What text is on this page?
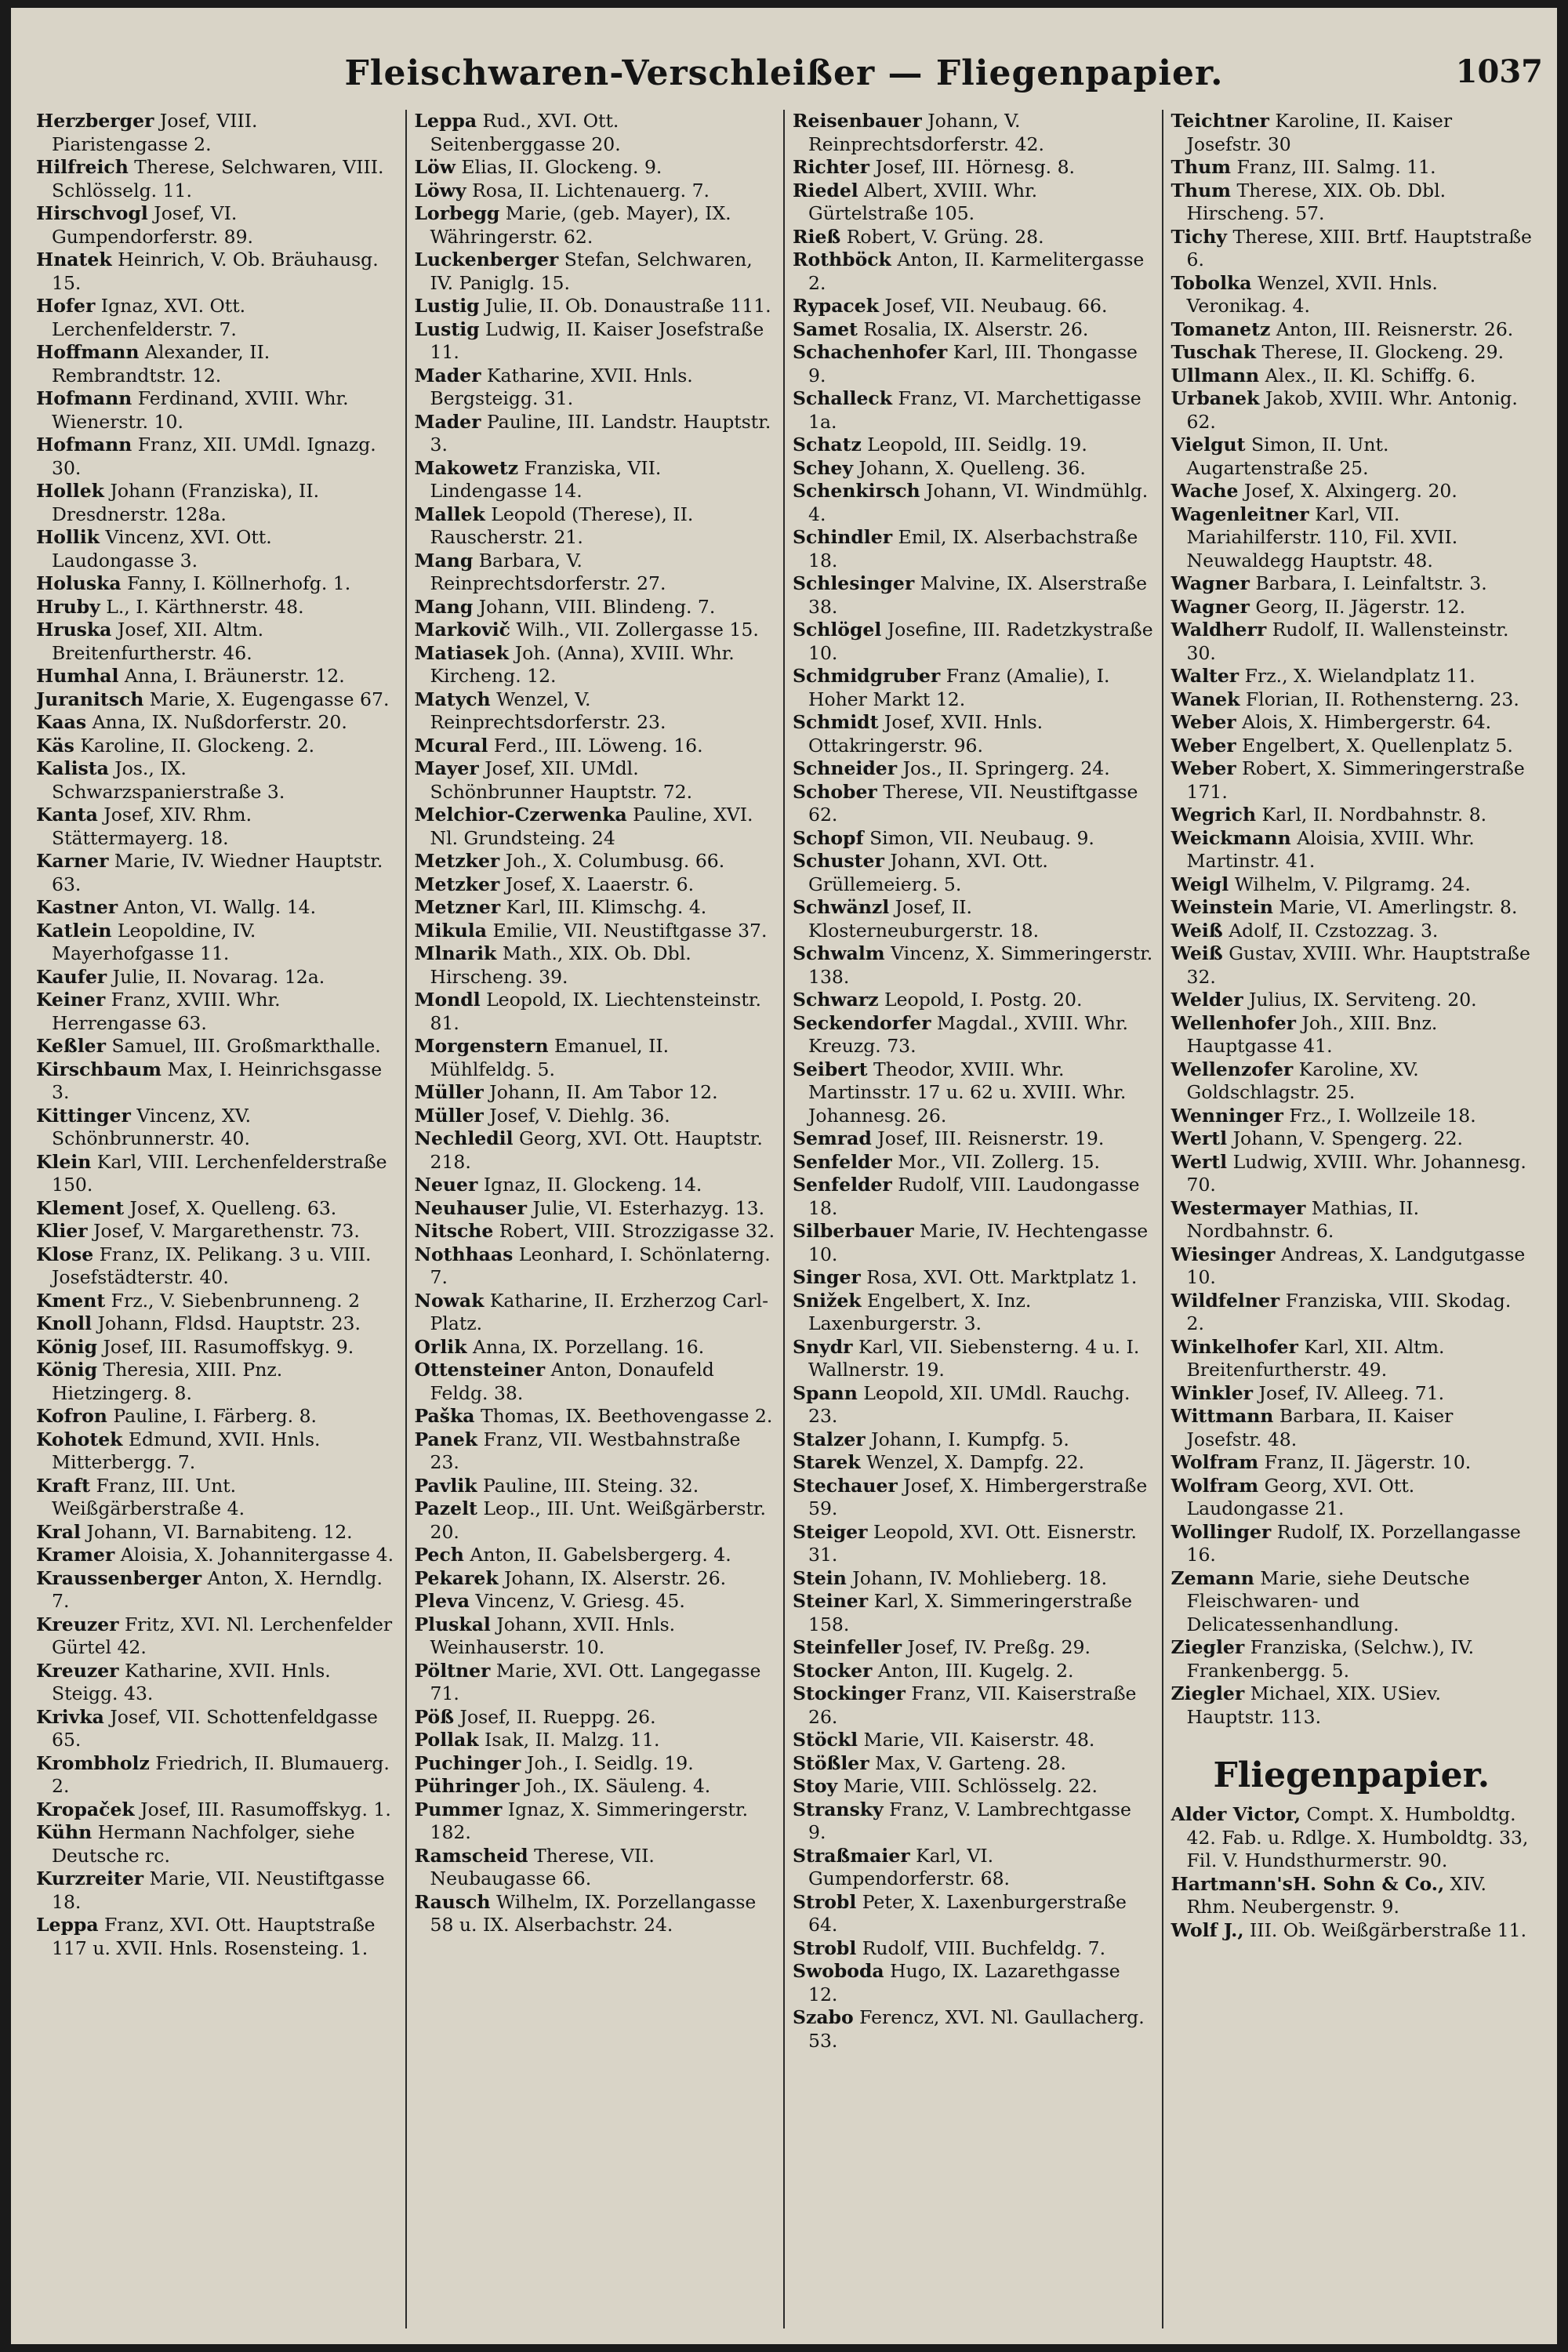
Fleischwaren-Verschleißer — Fliegenpapier.	1037
Herzberger Josef, VIII. Piaristengasse 2.
Hilfreich Therese, Selchwaren, VIII. Schlösselg. 11.
Hirschvogl Josef, VI. Gumpendorferstr. 89.
Hnatek Heinrich, V. Ob. Bräuhausg. 15.
Hofer Ignaz, XVI. Ott. Lerchenfelderstr. 7.
Hoffmann Alexander, II. Rembrandtstr. 12.
Hofmann Ferdinand, XVIII. Whr. Wienerstr. 10.
Hofmann Franz, XII. UMdl. Ignazg. 30.
Hollek Johann (Franziska), II. Dresdnerstr. 128a.
Hollik Vincenz, XVI. Ott. Laudongasse 3.
Holuska Fanny, I. Köllnerhofg. 1.
Hruby L., I. Kärthnerstr. 48.
Hruska Josef, XII. Altm. Breitenfurtherstr. 46.
Humhal Anna, I. Bräunerstr. 12.
Juranitsch Marie, X. Eugengasse 67.
Kaas Anna, IX. Nußdorferstr. 20.
Käs Karoline, II. Glockeng. 2.
Kalista Jos., IX. Schwarzspanierstraße 3.
Kanta Josef, XIV. Rhm. Stättermayerg. 18.
Karner Marie, IV. Wiedner Hauptstr. 63.
Kastner Anton, VI. Wallg. 14.
Katlein Leopoldine, IV. Mayerhofgasse 11.
Kaufer Julie, II. Novarag. 12a.
Keiner Franz, XVIII. Whr. Herrengasse 63.
Keßler Samuel, III. Großmarkthalle.
Kirschbaum Max, I. Heinrichsgasse 3.
Kittinger Vincenz, XV. Schönbrunnerstr. 40.
Klein Karl, VIII. Lerchenfelderstraße 150.
Klement Josef, X. Quelleng. 63.
Klier Josef, V. Margarethenstr. 73.
Klose Franz, IX. Pelikang. 3 u. VIII. Josefstädterstr. 40.
Kment Frz., V. Siebenbrunneng. 2
Knoll Johann, Fldsd. Hauptstr. 23.
König Josef, III. Rasumoffskyg. 9.
König Theresia, XIII. Pnz. Hietzingerg. 8.
Kofron Pauline, I. Färberg. 8.
Kohotek Edmund, XVII. Hnls. Mitterbergg. 7.
Kraft Franz, III. Unt. Weißgärberstraße 4.
Kral Johann, VI. Barnabiteng. 12.
Kramer Aloisia, X. Johannitergasse 4.
Kraussenberger Anton, X. Herndlg. 7.
Kreuzer Fritz, XVI. Nl. Lerchenfelder Gürtel 42.
Kreuzer Katharine, XVII. Hnls. Steigg. 43.
Krivka Josef, VII. Schottenfeldgasse 65.
Krombholz Friedrich, II. Blumauerg. 2.
Kropaček Josef, III. Rasumoffskyg. 1.
Kühn Hermann Nachfolger, siehe Deutsche rc.
Kurzreiter Marie, VII. Neustiftgasse 18.
Leppa Franz, XVI. Ott. Hauptstraße 117 u. XVII. Hnls. Rosensteing. 1.
Leppa Rud., XVI. Ott. Seitenberggasse 20.
Löw Elias, II. Glockeng. 9.
Löwy Rosa, II. Lichtenauerg. 7.
Lorbegg Marie, (geb. Mayer), IX. Währingerstr. 62.
Luckenberger Stefan, Selchwaren, IV. Paniglg. 15.
Lustig Julie, II. Ob. Donaustraße 111.
Lustig Ludwig, II. Kaiser Josefstraße 11.
Mader Katharine, XVII. Hnls. Bergsteigg. 31.
Mader Pauline, III. Landstr. Hauptstr. 3.
Makowetz Franziska, VII. Lindengasse 14.
Mallek Leopold (Therese), II. Rauscherstr. 21.
Mang Barbara, V. Reinprechtsdorferstr. 27.
Mang Johann, VIII. Blindeng. 7.
Markovič Wilh., VII. Zollergasse 15.
Matiasek Joh. (Anna), XVIII. Whr. Kircheng. 12.
Matych Wenzel, V. Reinprechtsdorferstr. 23.
Mcural Ferd., III. Löweng. 16.
Mayer Josef, XII. UMdl. Schönbrunner Hauptstr. 72.
Melchior-Czerwenka Pauline, XVI. Nl. Grundsteing. 24
Metzker Joh., X. Columbusg. 66.
Metzker Josef, X. Laaerstr. 6.
Metzner Karl, III. Klimschg. 4.
Mikula Emilie, VII. Neustiftgasse 37.
Mlnarik Math., XIX. Ob. Dbl. Hirscheng. 39.
Mondl Leopold, IX. Liechtensteinstr. 81.
Morgenstern Emanuel, II. Mühlfeldg. 5.
Müller Johann, II. Am Tabor 12.
Müller Josef, V. Diehlg. 36.
Nechledil Georg, XVI. Ott. Hauptstr. 218.
Neuer Ignaz, II. Glockeng. 14.
Neuhauser Julie, VI. Esterhazyg. 13.
Nitsche Robert, VIII. Strozzigasse 32.
Nothhaas Leonhard, I. Schönlaterng. 7.
Nowak Katharine, II. Erzherzog Carl-Platz.
Orlik Anna, IX. Porzellang. 16.
Ottensteiner Anton, Donaufeld Feldg. 38.
Paška Thomas, IX. Beethovengasse 2.
Panek Franz, VII. Westbahnstraße 23.
Pavlik Pauline, III. Steing. 32.
Pazelt Leop., III. Unt. Weißgärberstr. 20.
Pech Anton, II. Gabelsbergerg. 4.
Pekarek Johann, IX. Alserstr. 26.
Pleva Vincenz, V. Griesg. 45.
Pluskal Johann, XVII. Hnls. Weinhauserstr. 10.
Pöltner Marie, XVI. Ott. Langegasse 71.
Pöß Josef, II. Rueppg. 26.
Pollak Isak, II. Malzg. 11.
Puchinger Joh., I. Seidlg. 19.
Pühringer Joh., IX. Säuleng. 4.
Pummer Ignaz, X. Simmeringerstr. 182.
Ramscheid Therese, VII. Neubaugasse 66.
Rausch Wilhelm, IX. Porzellangasse 58 u. IX. Alserbachstr. 24.
Reisenbauer Johann, V. Reinprechtsdorferstr. 42.
Richter Josef, III. Hörnesg. 8.
Riedel Albert, XVIII. Whr. Gürtelstraße 105.
Rieß Robert, V. Grüng. 28.
Rothböck Anton, II. Karmelitergasse 2.
Rypacek Josef, VII. Neubaug. 66.
Samet Rosalia, IX. Alserstr. 26.
Schachenhofer Karl, III. Thongasse 9.
Schalleck Franz, VI. Marchettigasse 1a.
Schatz Leopold, III. Seidlg. 19.
Schey Johann, X. Quelleng. 36.
Schenkirsch Johann, VI. Windmühlg. 4.
Schindler Emil, IX. Alserbachstraße 18.
Schlesinger Malvine, IX. Alserstraße 38.
Schlögel Josefine, III. Radetzkystraße 10.
Schmidgruber Franz (Amalie), I. Hoher Markt 12.
Schmidt Josef, XVII. Hnls. Ottakringerstr. 96.
Schneider Jos., II. Springerg. 24.
Schober Therese, VII. Neustiftgasse 62.
Schopf Simon, VII. Neubaug. 9.
Schuster Johann, XVI. Ott. Grüllemeierg. 5.
Schwänzl Josef, II. Klosterneuburgerstr. 18.
Schwalm Vincenz, X. Simmeringerstr. 138.
Schwarz Leopold, I. Postg. 20.
Seckendorfer Magdal., XVIII. Whr. Kreuzg. 73.
Seibert Theodor, XVIII. Whr. Martinsstr. 17 u. 62 u. XVIII. Whr. Johannesg. 26.
Semrad Josef, III. Reisnerstr. 19.
Senfelder Mor., VII. Zollerg. 15.
Senfelder Rudolf, VIII. Laudongasse 18.
Silberbauer Marie, IV. Hechtengasse 10.
Singer Rosa, XVI. Ott. Marktplatz 1.
Snižek Engelbert, X. Inz. Laxenburgerstr. 3.
Snydr Karl, VII. Siebensterng. 4 u. I. Wallnerstr. 19.
Spann Leopold, XII. UMdl. Rauchg. 23.
Stalzer Johann, I. Kumpfg. 5.
Starek Wenzel, X. Dampfg. 22.
Stechauer Josef, X. Himbergerstraße 59.
Steiger Leopold, XVI. Ott. Eisnerstr. 31.
Stein Johann, IV. Mohlieberg. 18.
Steiner Karl, X. Simmeringerstraße 158.
Steinfeller Josef, IV. Preßg. 29.
Stocker Anton, III. Kugelg. 2.
Stockinger Franz, VII. Kaiserstraße 26.
Stöckl Marie, VII. Kaiserstr. 48.
Stößler Max, V. Garteng. 28.
Stoy Marie, VIII. Schlösselg. 22.
Stransky Franz, V. Lambrechtgasse 9.
Straßmaier Karl, VI. Gumpendorferstr. 68.
Strobl Peter, X. Laxenburgerstraße 64.
Strobl Rudolf, VIII. Buchfeldg. 7.
Swoboda Hugo, IX. Lazarethgasse 12.
Szabo Ferencz, XVI. Nl. Gaullacherg. 53.
Teichtner Karoline, II. Kaiser Josefstr. 30
Thum Franz, III. Salmg. 11.
Thum Therese, XIX. Ob. Dbl. Hirscheng. 57.
Tichy Therese, XIII. Brtf. Hauptstraße 6.
Tobolka Wenzel, XVII. Hnls. Veronikag. 4.
Tomanetz Anton, III. Reisnerstr. 26.
Tuschak Therese, II. Glockeng. 29.
Ullmann Alex., II. Kl. Schiffg. 6.
Urbanek Jakob, XVIII. Whr. Antonig. 62.
Vielgut Simon, II. Unt. Augartenstraße 25.
Wache Josef, X. Alxingerg. 20.
Wagenleitner Karl, VII. Mariahilferstr. 110, Fil. XVII. Neuwaldegg Hauptstr. 48.
Wagner Barbara, I. Leinfaltstr. 3.
Wagner Georg, II. Jägerstr. 12.
Waldherr Rudolf, II. Wallensteinstr. 30.
Walter Frz., X. Wielandplatz 11.
Wanek Florian, II. Rothensterng. 23.
Weber Alois, X. Himbergerstr. 64.
Weber Engelbert, X. Quellenplatz 5.
Weber Robert, X. Simmeringerstraße 171.
Wegrich Karl, II. Nordbahnstr. 8.
Weickmann Aloisia, XVIII. Whr. Martinstr. 41.
Weigl Wilhelm, V. Pilgramg. 24.
Weinstein Marie, VI. Amerlingstr. 8.
Weiß Adolf, II. Czstozzag. 3.
Weiß Gustav, XVIII. Whr. Hauptstraße 32.
Welder Julius, IX. Serviteng. 20.
Wellenhofer Joh., XIII. Bnz. Hauptgasse 41.
Wellenzofer Karoline, XV. Goldschlagstr. 25.
Wenninger Frz., I. Wollzeile 18.
Wertl Johann, V. Spengerg. 22.
Wertl Ludwig, XVIII. Whr. Johannesg. 70.
Westermayer Mathias, II. Nordbahnstr. 6.
Wiesinger Andreas, X. Landgutgasse 10.
Wildfelner Franziska, VIII. Skodag. 2.
Winkelhofer Karl, XII. Altm. Breitenfurtherstr. 49.
Winkler Josef, IV. Alleeg. 71.
Wittmann Barbara, II. Kaiser Josefstr. 48.
Wolfram Franz, II. Jägerstr. 10.
Wolfram Georg, XVI. Ott. Laudongasse 21.
Wollinger Rudolf, IX. Porzellangasse 16.
Zemann Marie, siehe Deutsche Fleischwaren- und Delicatessenhandlung.
Ziegler Franziska, (Selchw.), IV. Frankenbergg. 5.
Ziegler Michael, XIX. USiev. Hauptstr. 113.
Fliegenpapier.
Alder Victor, Compt. X. Humboldtg. 42. Fab. u. Rdlge. X. Humboldtg. 33, Fil. V. Hundsthurmerstr. 90.
Hartmann'sH. Sohn & Co., XIV. Rhm. Neubergenstr. 9.
Wolf J., III. Ob. Weißgärberstraße 11.
